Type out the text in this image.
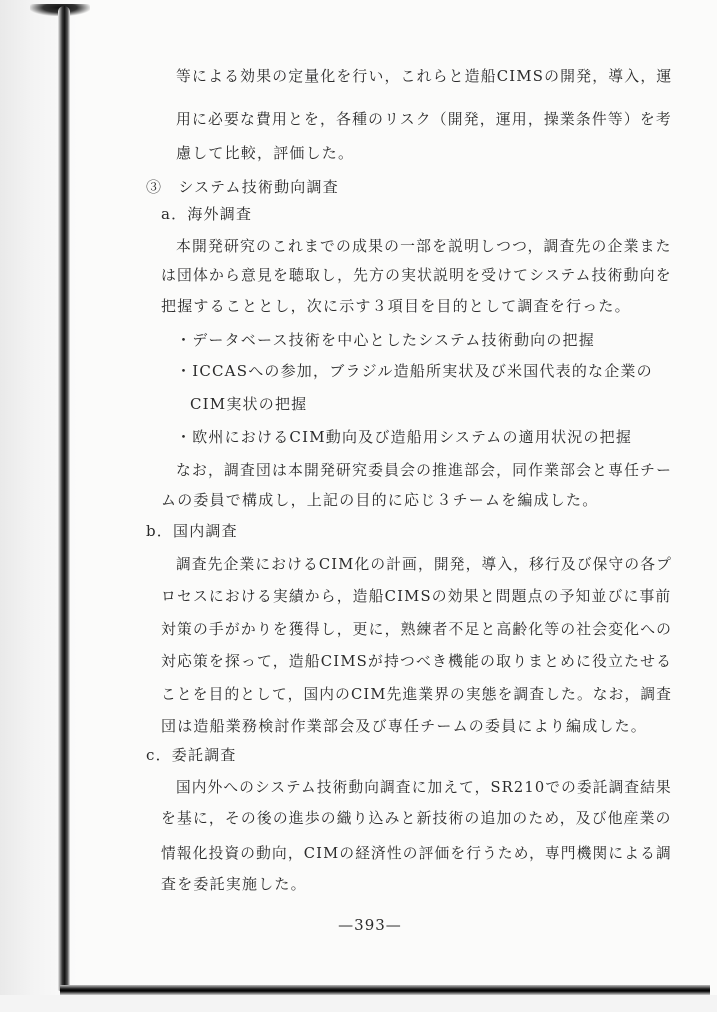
等による効果の定量化を行い，これらと造船CIMSの開発，導入，運
用に必要な費用とを，各種のリスク（開発，運用，操業条件等）を考
慮して比較，評価した。
③　システム技術動向調査
a．海外調査
本開発研究のこれまでの成果の一部を説明しつつ，調査先の企業また
は団体から意見を聴取し，先方の実状説明を受けてシステム技術動向を
把握することとし，次に示す３項目を目的として調査を行った。
・データベース技術を中心としたシステム技術動向の把握
・ICCASへの参加，ブラジル造船所実状及び米国代表的な企業の
CIM実状の把握
・欧州におけるCIM動向及び造船用システムの適用状況の把握
なお，調査団は本開発研究委員会の推進部会，同作業部会と専任チー
ムの委員で構成し，上記の目的に応じ３チームを編成した。
b．国内調査
調査先企業におけるCIM化の計画，開発，導入，移行及び保守の各プ
ロセスにおける実績から，造船CIMSの効果と問題点の予知並びに事前
対策の手がかりを獲得し，更に，熟練者不足と高齢化等の社会変化への
対応策を探って，造船CIMSが持つべき機能の取りまとめに役立たせる
ことを目的として，国内のCIM先進業界の実態を調査した。なお，調査
団は造船業務検討作業部会及び専任チームの委員により編成した。
c．委託調査
国内外へのシステム技術動向調査に加えて，SR210での委託調査結果
を基に，その後の進歩の織り込みと新技術の追加のため，及び他産業の
情報化投資の動向，CIMの経済性の評価を行うため，専門機関による調
査を委託実施した。
—393—
